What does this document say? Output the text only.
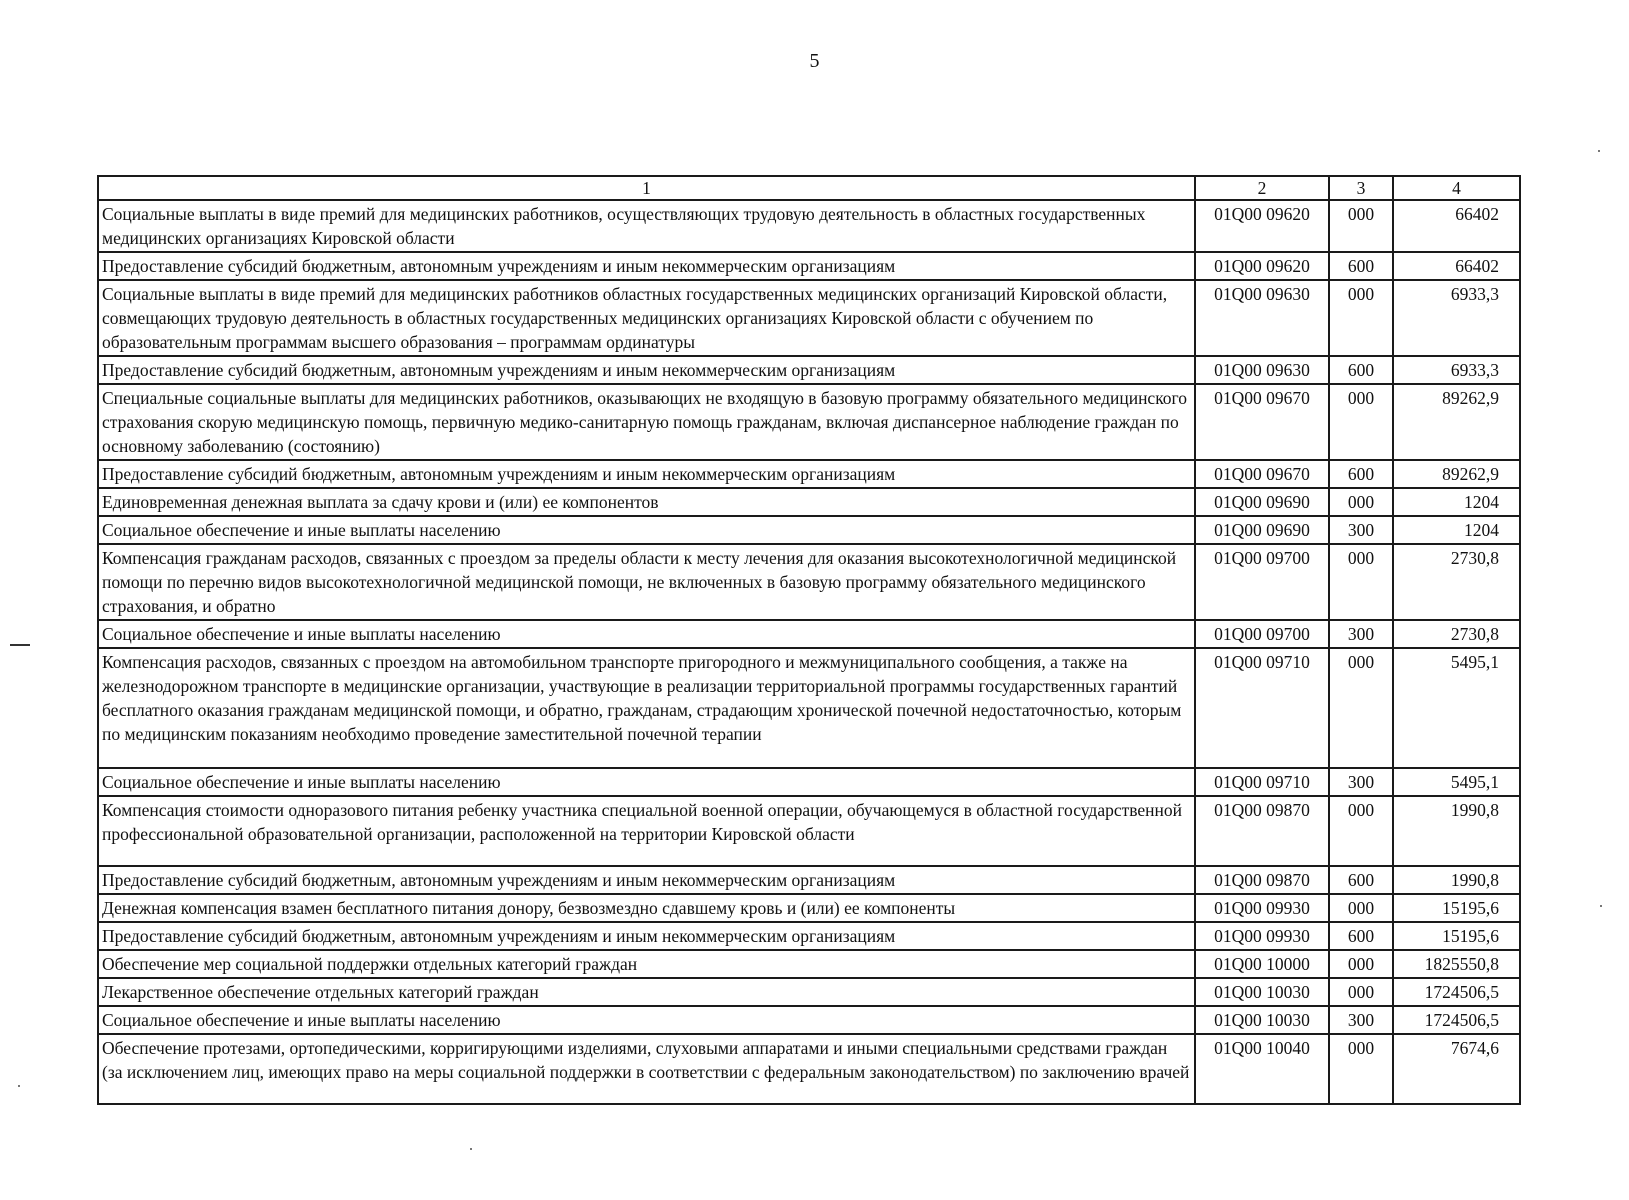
5
1	2	3	4
Социальные выплаты в виде премий для медицинских работников, осуществляющих трудовую деятельность в областных государственных медицинских организациях Кировской области	01Q00 09620	000	66402
Предоставление субсидий бюджетным, автономным учреждениям и иным некоммерческим организациям	01Q00 09620	600	66402
Социальные выплаты в виде премий для медицинских работников областных государственных медицинских организаций Кировской области, совмещающих трудовую деятельность в областных государственных медицинских организациях Кировской области с обучением по образовательным программам высшего образования – программам ординатуры	01Q00 09630	000	6933,3
Предоставление субсидий бюджетным, автономным учреждениям и иным некоммерческим организациям	01Q00 09630	600	6933,3
Специальные социальные выплаты для медицинских работников, оказывающих не входящую в базовую программу обязательного медицинского страхования скорую медицинскую помощь, первичную медико-санитарную помощь гражданам, включая диспансерное наблюдение граждан по основному заболеванию (состоянию)	01Q00 09670	000	89262,9
Предоставление субсидий бюджетным, автономным учреждениям и иным некоммерческим организациям	01Q00 09670	600	89262,9
Единовременная денежная выплата за сдачу крови и (или) ее компонентов	01Q00 09690	000	1204
Социальное обеспечение и иные выплаты населению	01Q00 09690	300	1204
Компенсация гражданам расходов, связанных с проездом за пределы области к месту лечения для оказания высокотехнологичной медицинской помощи по перечню видов высокотехнологичной медицинской помощи, не включенных в базовую программу обязательного медицинского страхования, и обратно	01Q00 09700	000	2730,8
Социальное обеспечение и иные выплаты населению	01Q00 09700	300	2730,8
Компенсация расходов, связанных с проездом на автомобильном транспорте пригородного и межмуниципального сообщения, а также на железнодорожном транспорте в медицинские организации, участвующие в реализации территориальной программы государственных гарантий бесплатного оказания гражданам медицинской помощи, и обратно, гражданам, страдающим хронической почечной недостаточностью, которым по медицинским показаниям необходимо проведение заместительной почечной терапии	01Q00 09710	000	5495,1
Социальное обеспечение и иные выплаты населению	01Q00 09710	300	5495,1
Компенсация стоимости одноразового питания ребенку участника специальной военной операции, обучающемуся в областной государственной профессиональной образовательной организации, расположенной на территории Кировской области	01Q00 09870	000	1990,8
Предоставление субсидий бюджетным, автономным учреждениям и иным некоммерческим организациям	01Q00 09870	600	1990,8
Денежная компенсация взамен бесплатного питания донору, безвозмездно сдавшему кровь и (или) ее компоненты	01Q00 09930	000	15195,6
Предоставление субсидий бюджетным, автономным учреждениям и иным некоммерческим организациям	01Q00 09930	600	15195,6
Обеспечение мер социальной поддержки отдельных категорий граждан	01Q00 10000	000	1825550,8
Лекарственное обеспечение отдельных категорий граждан	01Q00 10030	000	1724506,5
Социальное обеспечение и иные выплаты населению	01Q00 10030	300	1724506,5
Обеспечение протезами, ортопедическими, корригирующими изделиями, слуховыми аппаратами и иными специальными средствами граждан (за исключением лиц, имеющих право на меры социальной поддержки в соответствии с федеральным законодательством) по заключению врачей	01Q00 10040	000	7674,6
